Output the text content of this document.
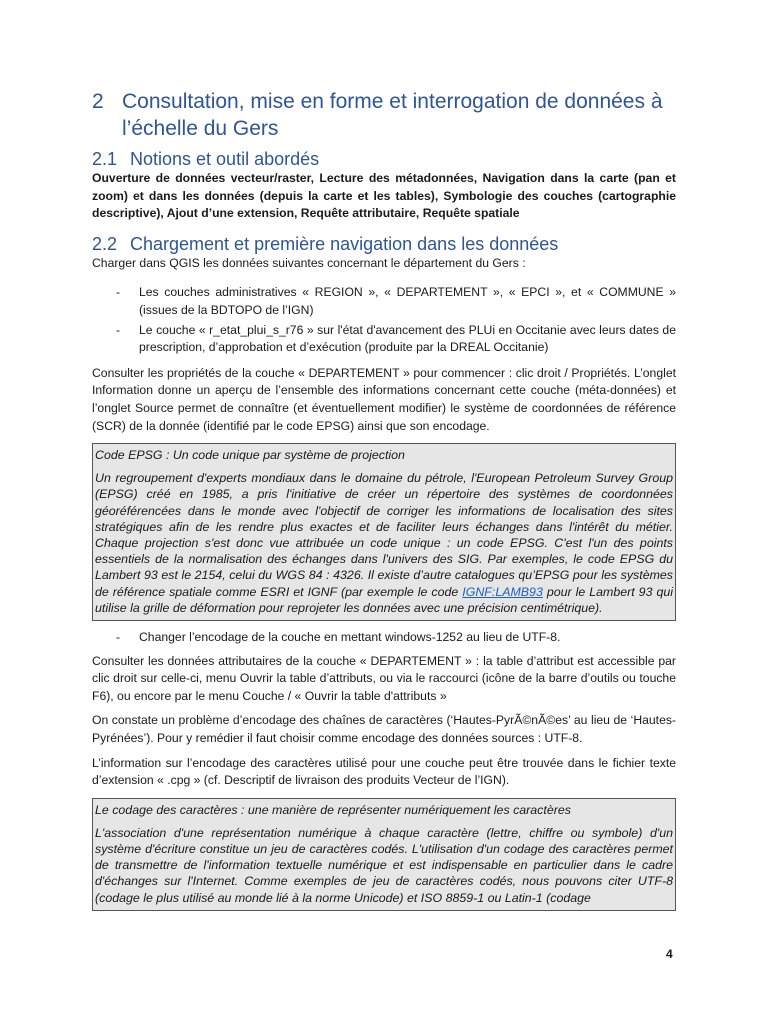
2 Consultation, mise en forme et interrogation de données à l’échelle du Gers
2.1 Notions et outil abordés

Ouverture de données vecteur/raster, Lecture des métadonnées, Navigation dans la carte (pan et zoom) et dans les données (depuis la carte et les tables), Symbologie des couches (cartographie descriptive), Ajout d’une extension, Requête attributaire, Requête spatiale

2.2 Chargement et première navigation dans les données

Charger dans QGIS les données suivantes concernant le département du Gers :

- Les couches administratives « REGION », « DEPARTEMENT », « EPCI », et « COMMUNE » (issues de la BDTOPO de l’IGN)
- Le couche « r_etat_plui_s_r76 » sur l'état d'avancement des PLUi en Occitanie avec leurs dates de prescription, d’approbation et d’exécution (produite par la DREAL Occitanie)

Consulter les propriétés de la couche « DEPARTEMENT » pour commencer : clic droit / Propriétés. L’onglet Information donne un aperçu de l’ensemble des informations concernant cette couche (méta-données) et l’onglet Source permet de connaître (et éventuellement modifier) le système de coordonnées de référence (SCR) de la donnée (identifié par le code EPSG) ainsi que son encodage.

Code EPSG : Un code unique par système de projection
Un regroupement d'experts mondiaux dans le domaine du pétrole, l'European Petroleum Survey Group (EPSG) créé en 1985, a pris l'initiative de créer un répertoire des systèmes de coordonnées géoréférencées dans le monde avec l'objectif de corriger les informations de localisation des sites stratégiques afin de les rendre plus exactes et de faciliter leurs échanges dans l'intérêt du métier. Chaque projection s'est donc vue attribuée un code unique : un code EPSG. C'est l'un des points essentiels de la normalisation des échanges dans l'univers des SIG. Par exemples, le code EPSG du Lambert 93 est le 2154, celui du WGS 84 : 4326. Il existe d’autre catalogues qu’EPSG pour les systèmes de référence spatiale comme ESRI et IGNF (par exemple le code IGNF:LAMB93 pour le Lambert 93 qui utilise la grille de déformation pour reprojeter les données avec une précision centimétrique).
- Changer l’encodage de la couche en mettant windows-1252 au lieu de UTF-8.

Consulter les données attributaires de la couche « DEPARTEMENT » : la table d’attribut est accessible par clic droit sur celle-ci, menu Ouvrir la table d’attributs, ou via le raccourci (icône de la barre d’outils ou touche F6), ou encore par le menu Couche / « Ouvrir la table d'attributs »

On constate un problème d’encodage des chaînes de caractères (‘Hautes-PyrÃ©nÃ©es’ au lieu de ‘Hautes-Pyrénées’). Pour y remédier il faut choisir comme encodage des données sources : UTF-8.

L’information sur l’encodage des caractères utilisé pour une couche peut être trouvée dans le fichier texte d’extension « .cpg » (cf. Descriptif de livraison des produits Vecteur de l’IGN).

Le codage des caractères : une manière de représenter numériquement les caractères
L'association d'une représentation numérique à chaque caractère (lettre, chiffre ou symbole) d'un système d'écriture constitue un jeu de caractères codés. L'utilisation d'un codage des caractères permet de transmettre de l'information textuelle numérique et est indispensable en particulier dans le cadre d'échanges sur l'Internet. Comme exemples de jeu de caractères codés, nous pouvons citer UTF-8 (codage le plus utilisé au monde lié à la norme Unicode) et ISO 8859-1 ou Latin-1 (codage
4
